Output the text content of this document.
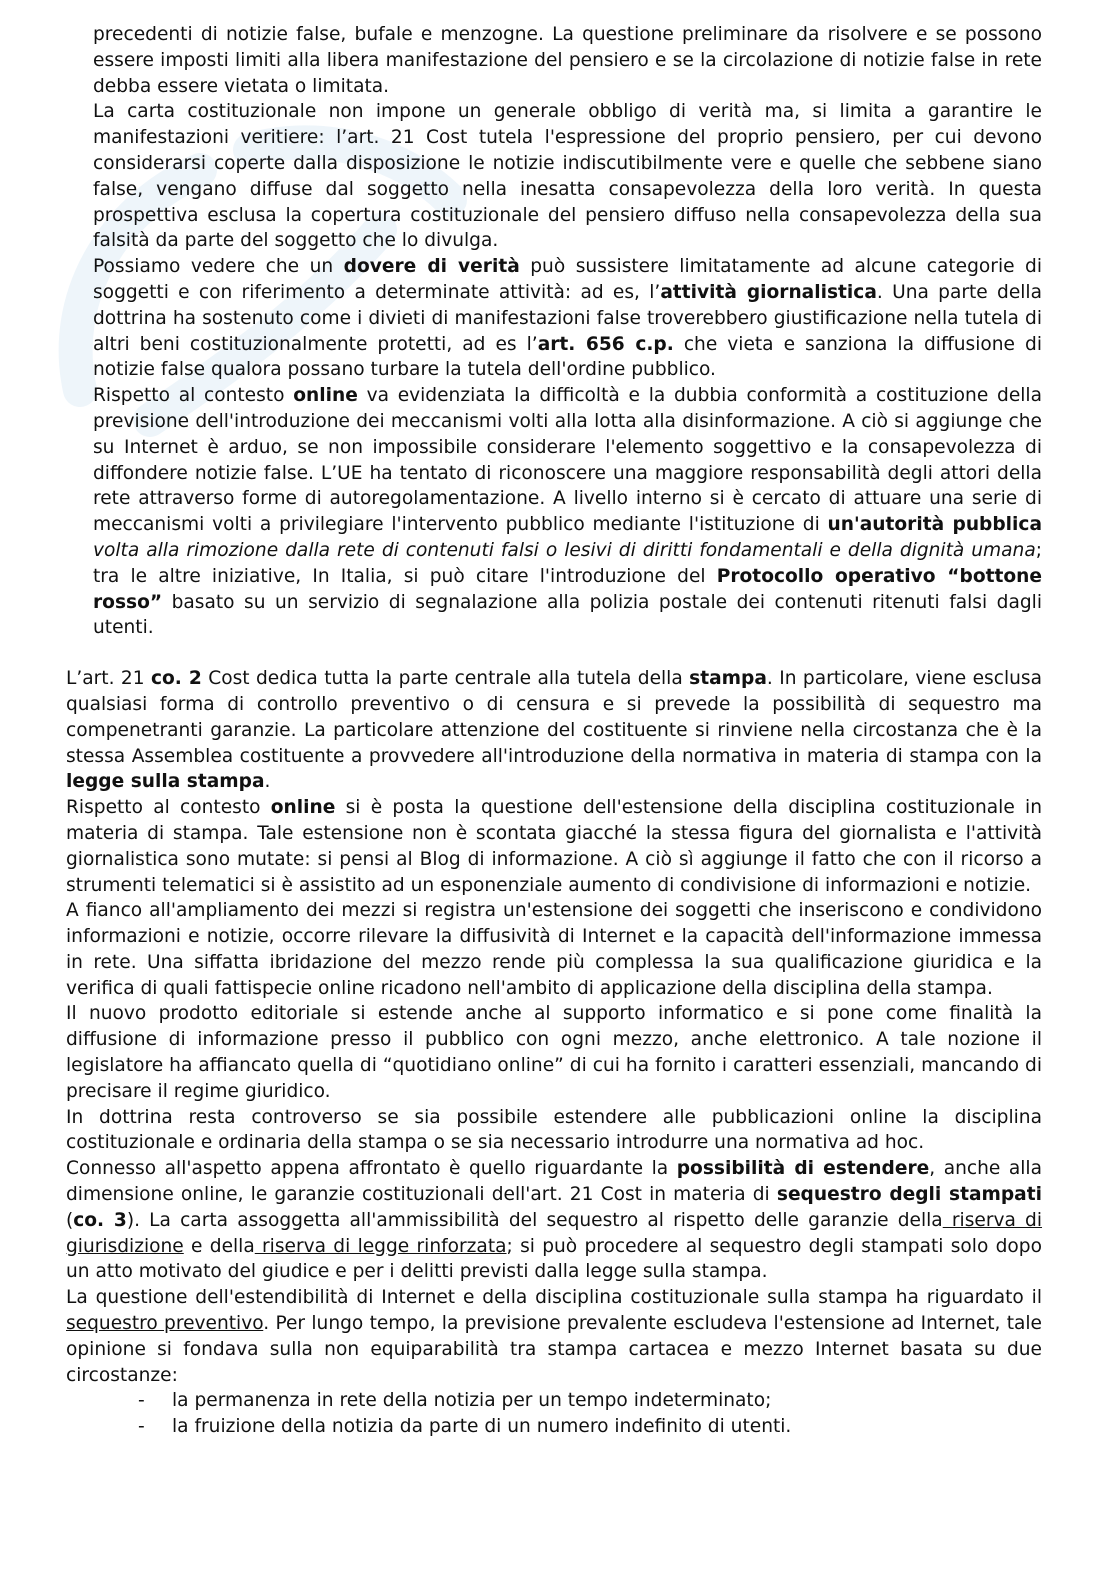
precedenti di notizie false, bufale e menzogne. La questione preliminare da risolvere e se possono essere imposti limiti alla libera manifestazione del pensiero e se la circolazione di notizie false in rete debba essere vietata o limitata.

La carta costituzionale non impone un generale obbligo di verità ma, si limita a garantire le manifestazioni veritiere: l’art. 21 Cost tutela l'espressione del proprio pensiero, per cui devono considerarsi coperte dalla disposizione le notizie indiscutibilmente vere e quelle che sebbene siano false, vengano diffuse dal soggetto nella inesatta consapevolezza della loro verità. In questa prospettiva esclusa la copertura costituzionale del pensiero diffuso nella consapevolezza della sua falsità da parte del soggetto che lo divulga.

Possiamo vedere che un dovere di verità può sussistere limitatamente ad alcune categorie di soggetti e con riferimento a determinate attività: ad es, l’attività giornalistica. Una parte della dottrina ha sostenuto come i divieti di manifestazioni false troverebbero giustificazione nella tutela di altri beni costituzionalmente protetti, ad es l’art. 656 c.p. che vieta e sanziona la diffusione di notizie false qualora possano turbare la tutela dell'ordine pubblico.

Rispetto al contesto online va evidenziata la difficoltà e la dubbia conformità a costituzione della previsione dell'introduzione dei meccanismi volti alla lotta alla disinformazione. A ciò si aggiunge che su Internet è arduo, se non impossibile considerare l'elemento soggettivo e la consapevolezza di diffondere notizie false. L’UE ha tentato di riconoscere una maggiore responsabilità degli attori della rete attraverso forme di autoregolamentazione. A livello interno si è cercato di attuare una serie di meccanismi volti a privilegiare l'intervento pubblico mediante l'istituzione di un'autorità pubblica volta alla rimozione dalla rete di contenuti falsi o lesivi di diritti fondamentali e della dignità umana; tra le altre iniziative, In Italia, si può citare l'introduzione del Protocollo operativo “bottone rosso” basato su un servizio di segnalazione alla polizia postale dei contenuti ritenuti falsi dagli utenti.

L’art. 21 co. 2 Cost dedica tutta la parte centrale alla tutela della stampa. In particolare, viene esclusa qualsiasi forma di controllo preventivo o di censura e si prevede la possibilità di sequestro ma compenetranti garanzie. La particolare attenzione del costituente si rinviene nella circostanza che è la stessa Assemblea costituente a provvedere all'introduzione della normativa in materia di stampa con la legge sulla stampa.

Rispetto al contesto online si è posta la questione dell'estensione della disciplina costituzionale in materia di stampa. Tale estensione non è scontata giacché la stessa figura del giornalista e l'attività giornalistica sono mutate: si pensi al Blog di informazione. A ciò sì aggiunge il fatto che con il ricorso a strumenti telematici si è assistito ad un esponenziale aumento di condivisione di informazioni e notizie.

A fianco all'ampliamento dei mezzi si registra un'estensione dei soggetti che inseriscono e condividono informazioni e notizie, occorre rilevare la diffusività di Internet e la capacità dell'informazione immessa in rete. Una siffatta ibridazione del mezzo rende più complessa la sua qualificazione giuridica e la verifica di quali fattispecie online ricadono nell'ambito di applicazione della disciplina della stampa.

Il nuovo prodotto editoriale si estende anche al supporto informatico e si pone come finalità la diffusione di informazione presso il pubblico con ogni mezzo, anche elettronico. A tale nozione il legislatore ha affiancato quella di “quotidiano online” di cui ha fornito i caratteri essenziali, mancando di precisare il regime giuridico.

In dottrina resta controverso se sia possibile estendere alle pubblicazioni online la disciplina costituzionale e ordinaria della stampa o se sia necessario introdurre una normativa ad hoc.

Connesso all'aspetto appena affrontato è quello riguardante la possibilità di estendere, anche alla dimensione online, le garanzie costituzionali dell'art. 21 Cost in materia di sequestro degli stampati (co. 3). La carta assoggetta all'ammissibilità del sequestro al rispetto delle garanzie della riserva di giurisdizione e della riserva di legge rinforzata; si può procedere al sequestro degli stampati solo dopo un atto motivato del giudice e per i delitti previsti dalla legge sulla stampa.

La questione dell'estendibilità di Internet e della disciplina costituzionale sulla stampa ha riguardato il sequestro preventivo. Per lungo tempo, la previsione prevalente escludeva l'estensione ad Internet, tale opinione si fondava sulla non equiparabilità tra stampa cartacea e mezzo Internet basata su due circostanze:

- la permanenza in rete della notizia per un tempo indeterminato;
- la fruizione della notizia da parte di un numero indefinito di utenti.
